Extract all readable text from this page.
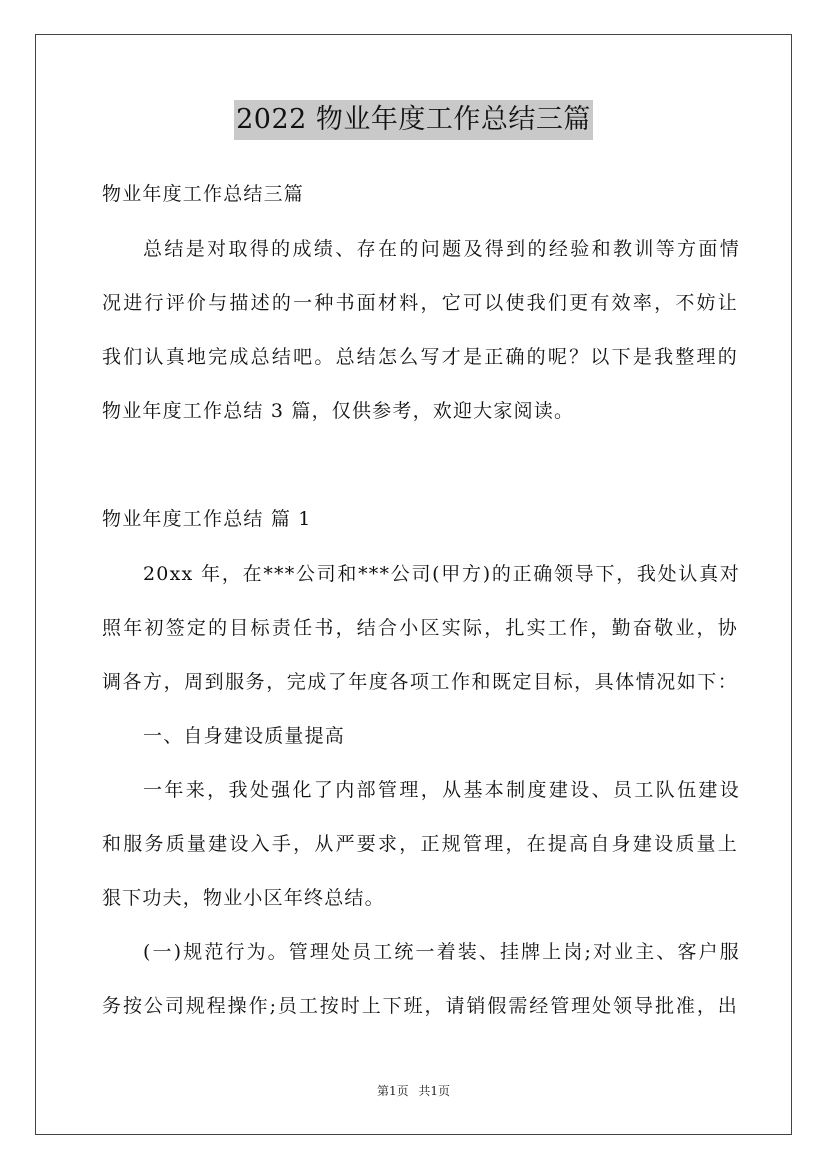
2022 物业年度工作总结三篇
物业年度工作总结三篇
总结是对取得的成绩、存在的问题及得到的经验和教训等方面情
况进行评价与描述的一种书面材料，它可以使我们更有效率，不妨让
我们认真地完成总结吧。总结怎么写才是正确的呢？以下是我整理的
物业年度工作总结 3 篇，仅供参考，欢迎大家阅读。
物业年度工作总结 篇 1
20xx 年，在***公司和***公司(甲方)的正确领导下，我处认真对
照年初签定的目标责任书，结合小区实际，扎实工作，勤奋敬业，协
调各方，周到服务，完成了年度各项工作和既定目标，具体情况如下：
一、自身建设质量提高
一年来，我处强化了内部管理，从基本制度建设、员工队伍建设
和服务质量建设入手，从严要求，正规管理，在提高自身建设质量上
狠下功夫，物业小区年终总结。
(一)规范行为。管理处员工统一着装、挂牌上岗;对业主、客户服
务按公司规程操作;员工按时上下班，请销假需经管理处领导批准，出
第1页 共1页
